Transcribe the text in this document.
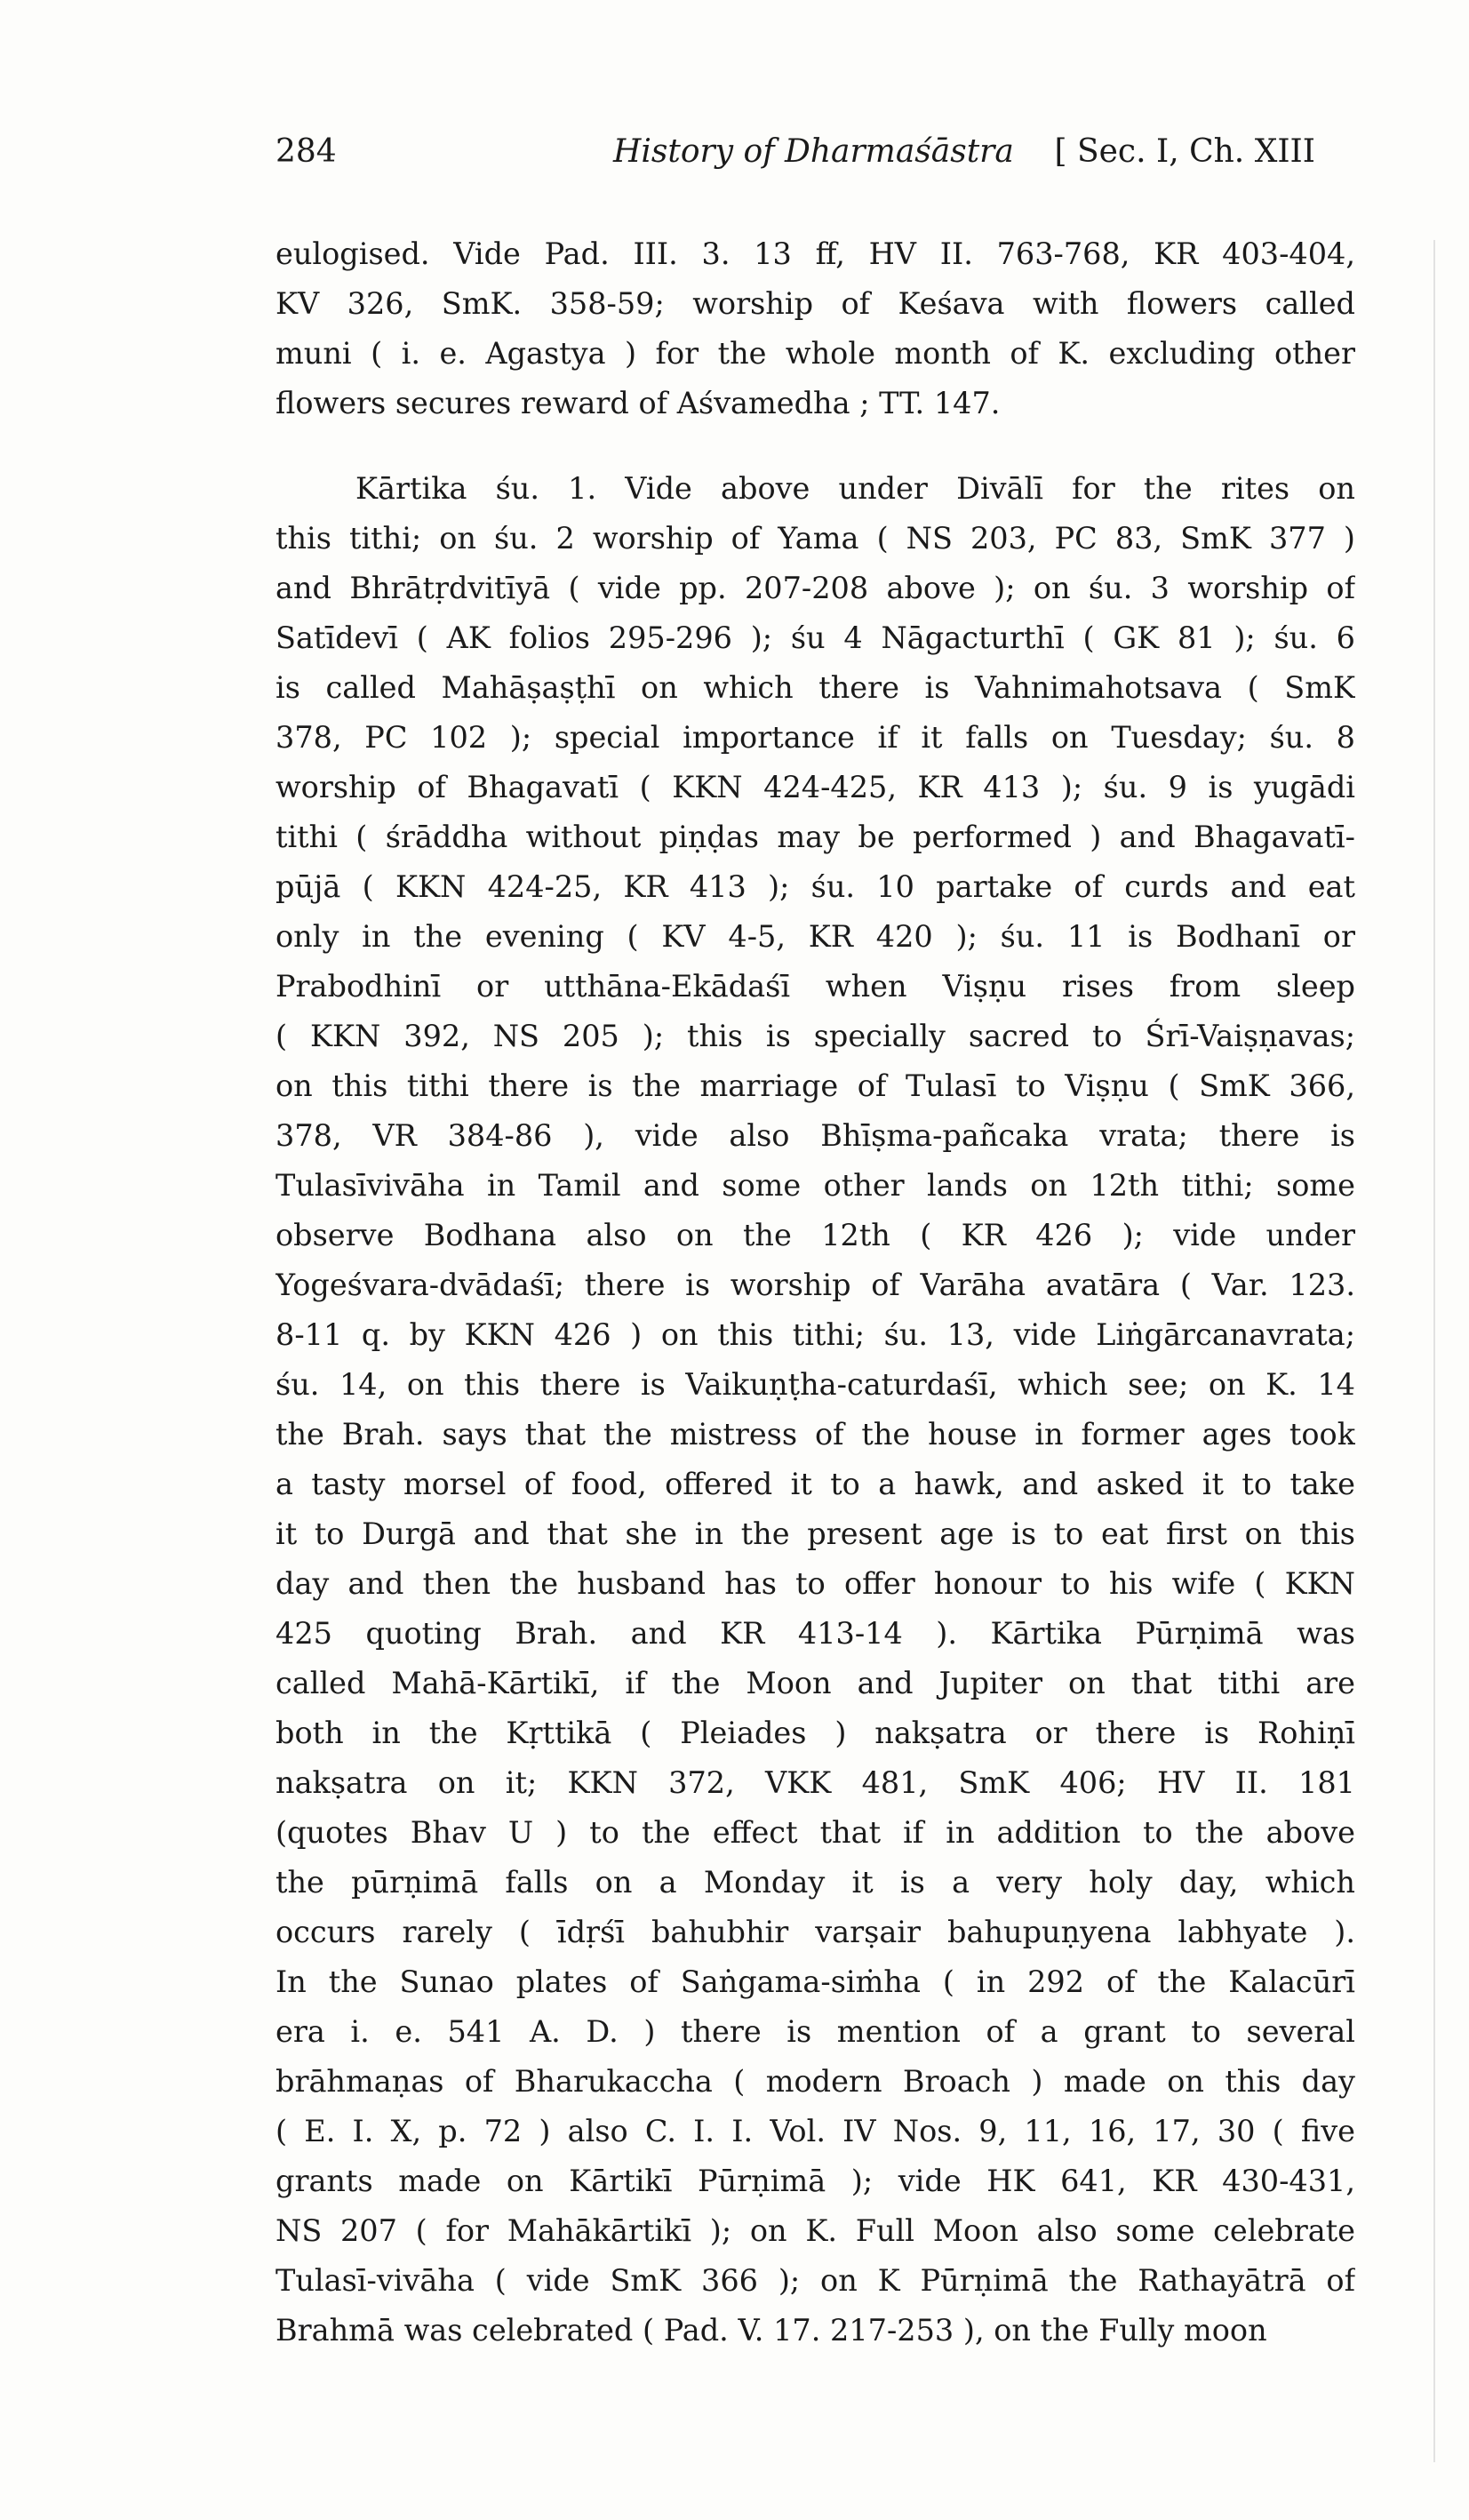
284	History of Dharmaśāstra [ Sec. I, Ch. XIII
eulogised. Vide Pad. III. 3. 13 ff, HV II. 763-768, KR 403-404,
KV 326, SmK. 358-59; worship of Keśava with flowers called
muni ( i. e. Agastya ) for the whole month of K. excluding other
flowers secures reward of Aśvamedha ; TT. 147.
Kārtika śu. 1. Vide above under Divālī for the rites on
this tithi; on śu. 2 worship of Yama ( NS 203, PC 83, SmK 377 )
and Bhrātṛdvitīyā ( vide pp. 207-208 above ); on śu. 3 worship of
Satīdevī ( AK folios 295-296 ); śu 4 Nāgacturthī ( GK 81 ); śu. 6
is called Mahāṣaṣṭhī on which there is Vahnimahotsava ( SmK
378, PC 102 ); special importance if it falls on Tuesday; śu. 8
worship of Bhagavatī ( KKN 424-425, KR 413 ); śu. 9 is yugādi
tithi ( śrāddha without piṇḍas may be performed ) and Bhagavatī-
pūjā ( KKN 424-25, KR 413 ); śu. 10 partake of curds and eat
only in the evening ( KV 4-5, KR 420 ); śu. 11 is Bodhanī or
Prabodhinī or utthāna-Ekādaśī when Viṣṇu rises from sleep
( KKN 392, NS 205 ); this is specially sacred to Śrī-Vaiṣṇavas;
on this tithi there is the marriage of Tulasī to Viṣṇu ( SmK 366,
378, VR 384-86 ), vide also Bhīṣma-pañcaka vrata; there is
Tulasīvivāha in Tamil and some other lands on 12th tithi; some
observe Bodhana also on the 12th ( KR 426 ); vide under
Yogeśvara-dvādaśī; there is worship of Varāha avatāra ( Var. 123.
8-11 q. by KKN 426 ) on this tithi; śu. 13, vide Liṅgārcanavrata;
śu. 14, on this there is Vaikuṇṭha-caturdaśī, which see; on K. 14
the Brah. says that the mistress of the house in former ages took
a tasty morsel of food, offered it to a hawk, and asked it to take
it to Durgā and that she in the present age is to eat first on this
day and then the husband has to offer honour to his wife ( KKN
425 quoting Brah. and KR 413-14 ). Kārtika Pūrṇimā was
called Mahā-Kārtikī, if the Moon and Jupiter on that tithi are
both in the Kṛttikā ( Pleiades ) nakṣatra or there is Rohiṇī
nakṣatra on it; KKN 372, VKK 481, SmK 406; HV II. 181
(quotes Bhav U ) to the effect that if in addition to the above
the pūrṇimā falls on a Monday it is a very holy day, which
occurs rarely ( īdṛśī bahubhir varṣair bahupuṇyena labhyate ).
In the Sunao plates of Saṅgama-siṁha ( in 292 of the Kalacūrī
era i. e. 541 A. D. ) there is mention of a grant to several
brāhmaṇas of Bharukaccha ( modern Broach ) made on this day
( E. I. X, p. 72 ) also C. I. I. Vol. IV Nos. 9, 11, 16, 17, 30 ( five
grants made on Kārtikī Pūrṇimā ); vide HK 641, KR 430-431,
NS 207 ( for Mahākārtikī ); on K. Full Moon also some celebrate
Tulasī-vivāha ( vide SmK 366 ); on K Pūrṇimā the Rathayātrā of
Brahmā was celebrated ( Pad. V. 17. 217-253 ), on the Fully moon
